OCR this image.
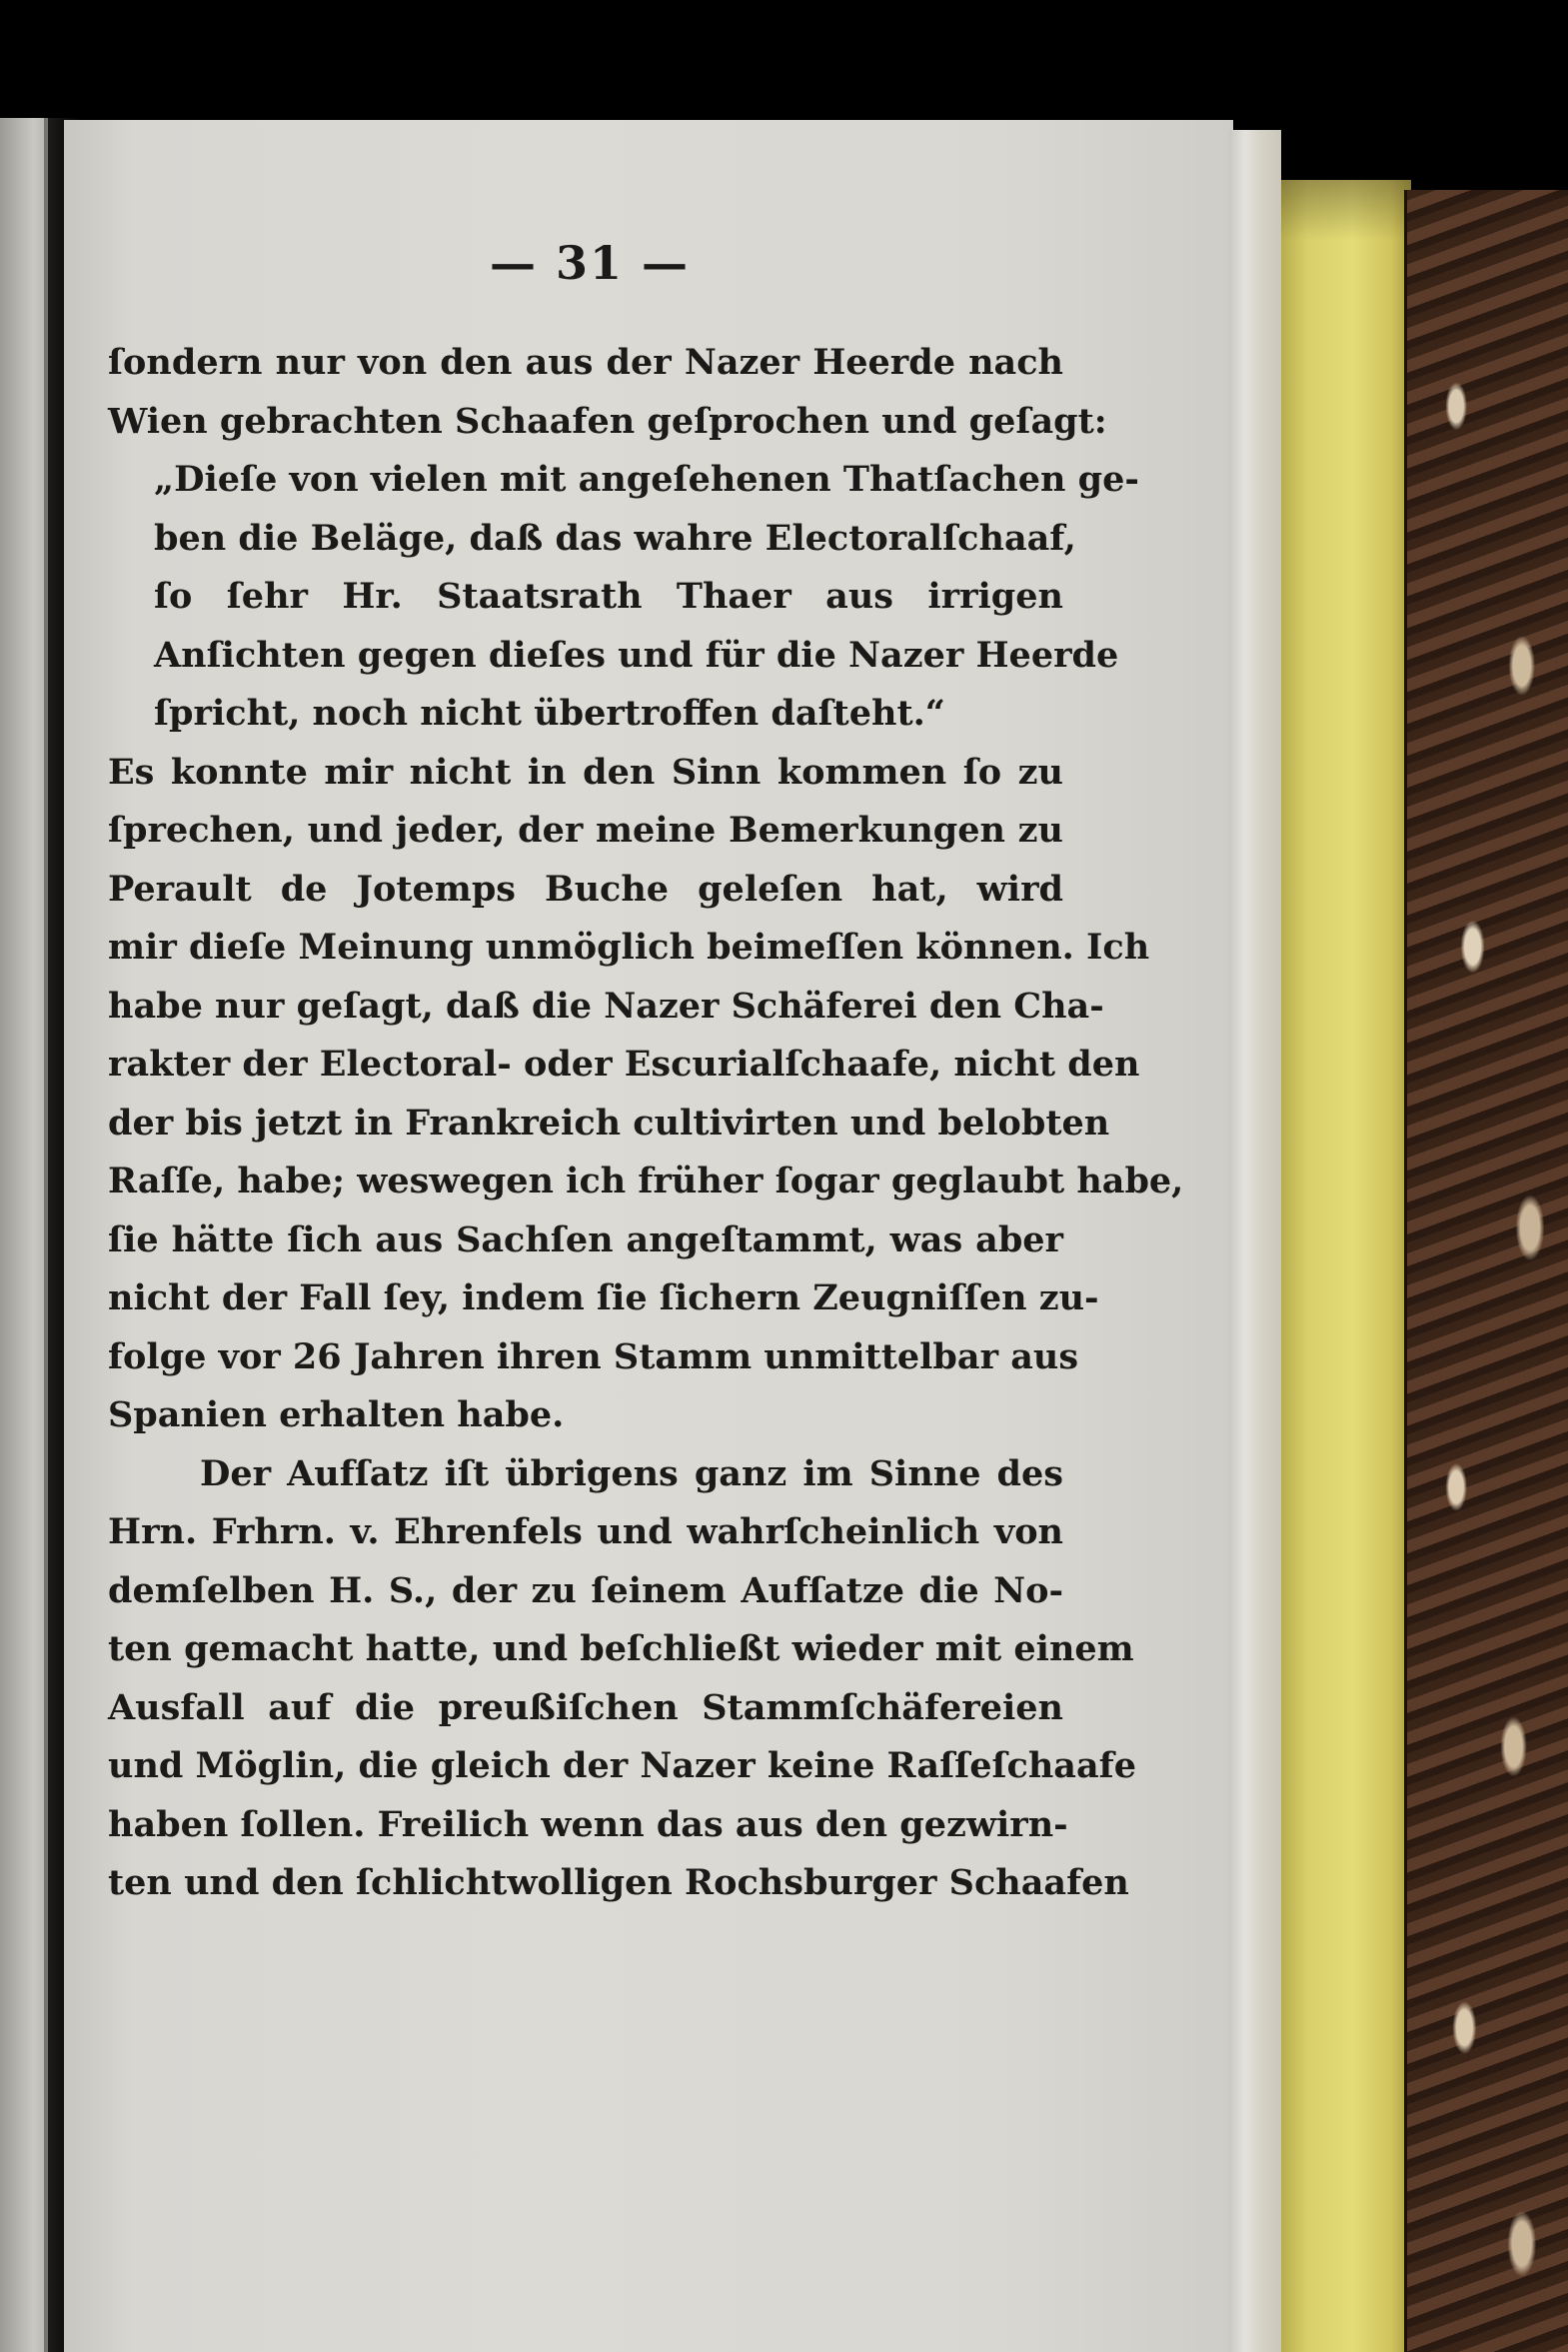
— 31 —
ſondern nur von den aus der Nazer Heerde nach
Wien gebrachten Schaafen geſprochen und geſagt:
„Dieſe von vielen mit angeſehenen Thatſachen ge-
ben die Beläge, daß das wahre Electoralſchaaf,
ſo ſehr Hr. Staatsrath Thaer aus irrigen
Anſichten gegen dieſes und für die Nazer Heerde
ſpricht, noch nicht übertroffen daſteht.“
Es konnte mir nicht in den Sinn kommen ſo zu
ſprechen, und jeder, der meine Bemerkungen zu
Perault de Jotemps Buche geleſen hat, wird
mir dieſe Meinung unmöglich beimeſſen können. Ich
habe nur geſagt, daß die Nazer Schäferei den Cha-
rakter der Electoral- oder Escurialſchaafe, nicht den
der bis jetzt in Frankreich cultivirten und belobten
Raſſe, habe; weswegen ich früher ſogar geglaubt habe,
ſie hätte ſich aus Sachſen angeſtammt, was aber
nicht der Fall ſey, indem ſie ſichern Zeugniſſen zu-
folge vor 26 Jahren ihren Stamm unmittelbar aus
Spanien erhalten habe.
Der Aufſatz iſt übrigens ganz im Sinne des
Hrn. Frhrn. v. Ehrenfels und wahrſcheinlich von
demſelben H. S., der zu ſeinem Aufſatze die No-
ten gemacht hatte, und beſchließt wieder mit einem
Ausfall auf die preußiſchen Stammſchäfereien
und Möglin, die gleich der Nazer keine Raſſeſchaafe
haben ſollen. Freilich wenn das aus den gezwirn-
ten und den ſchlichtwolligen Rochsburger Schaafen
